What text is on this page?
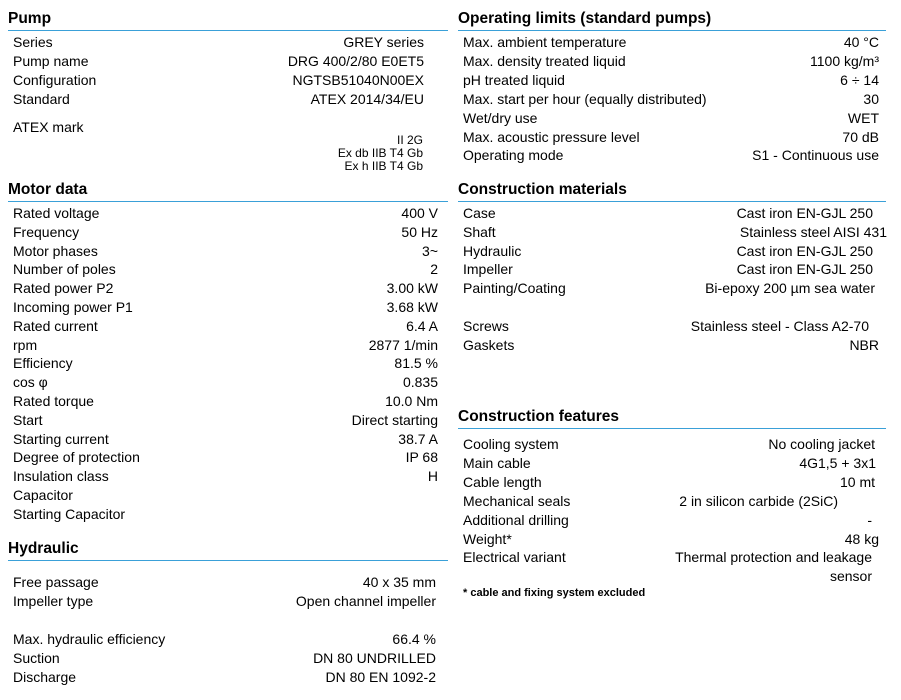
Pump
Series	GREY series
Pump name	DRG 400/2/80 E0ET5
Configuration	NGTSB51040N00EX
Standard	ATEX 2014/34/EU
ATEX mark
II 2G
Ex db IIB T4 Gb
Ex h IIB T4 Gb
Motor data
Rated voltage	400 V
Frequency	50 Hz
Motor phases	3~
Number of poles	2
Rated power P2	3.00 kW
Incoming power P1	3.68 kW
Rated current	6.4 A
rpm	2877 1/min
Efficiency	81.5 %
cos φ	0.835
Rated torque	10.0 Nm
Start	Direct starting
Starting current	38.7 A
Degree of protection	IP 68
Insulation class	H
Capacitor
Starting Capacitor
Hydraulic
Free passage	40 x 35 mm
Impeller type	Open channel impeller
Max. hydraulic efficiency	66.4 %
Suction	DN 80 UNDRILLED
Discharge	DN 80 EN 1092-2
Operating limits (standard pumps)
Max. ambient temperature	40 °C
Max. density treated liquid	1100 kg/m³
pH treated liquid	6 ÷ 14
Max. start per hour (equally distributed)	30
Wet/dry use	WET
Max. acoustic pressure level	70 dB
Operating mode	S1 - Continuous use
Construction materials
Case	Cast iron EN-GJL 250
Shaft	Stainless steel AISI 431
Hydraulic	Cast iron EN-GJL 250
Impeller	Cast iron EN-GJL 250
Painting/Coating	Bi-epoxy 200 µm sea water
Screws	Stainless steel - Class A2-70
Gaskets	NBR
Construction features
Cooling system	No cooling jacket
Main cable	4G1,5 + 3x1
Cable length	10 mt
Mechanical seals	2 in silicon carbide (2SiC)
Additional drilling	-
Weight*	48 kg
Electrical variant	Thermal protection and leakage
sensor
* cable and fixing system excluded
